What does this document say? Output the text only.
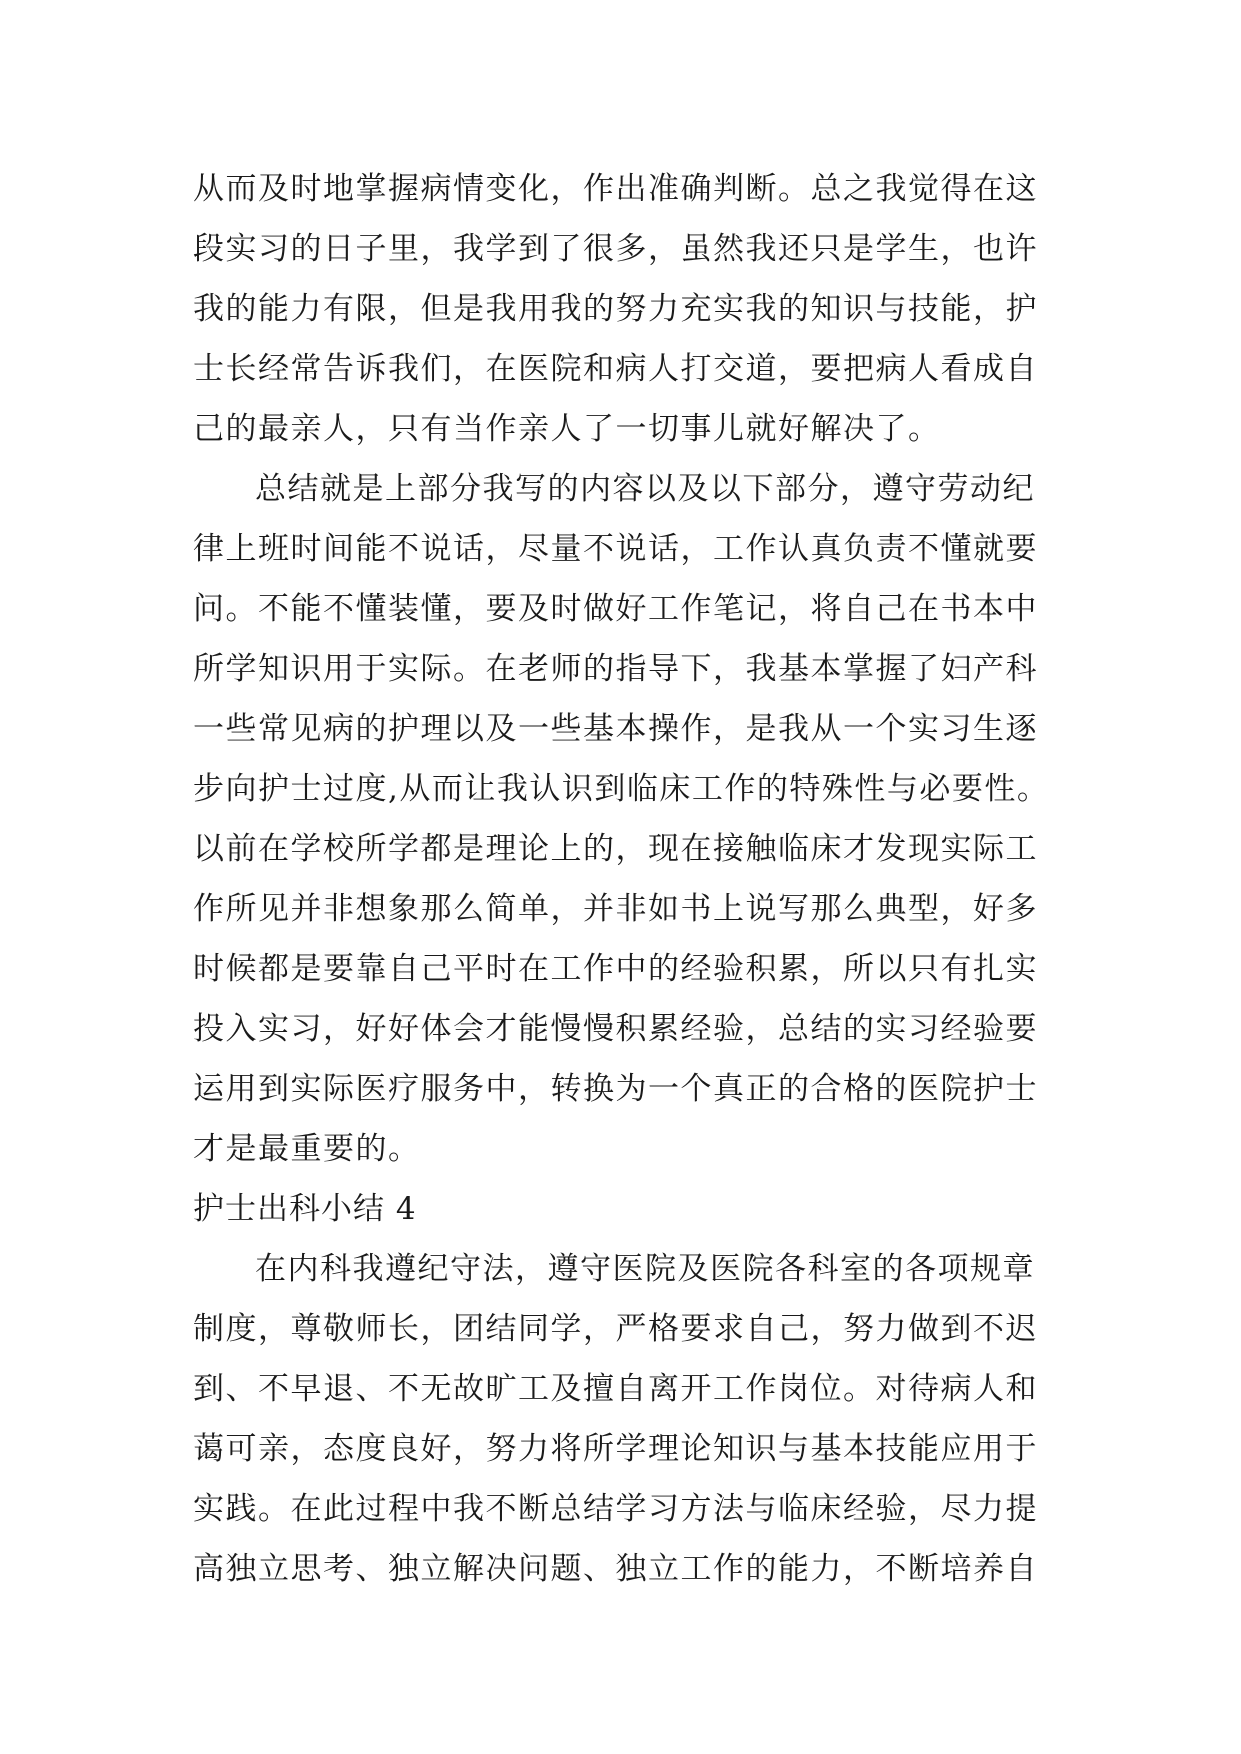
从而及时地掌握病情变化，作出准确判断。总之我觉得在这
段实习的日子里，我学到了很多，虽然我还只是学生，也许
我的能力有限，但是我用我的努力充实我的知识与技能，护
士长经常告诉我们，在医院和病人打交道，要把病人看成自
己的最亲人，只有当作亲人了一切事儿就好解决了。
总结就是上部分我写的内容以及以下部分，遵守劳动纪
律上班时间能不说话，尽量不说话，工作认真负责不懂就要
问。不能不懂装懂，要及时做好工作笔记，将自己在书本中
所学知识用于实际。在老师的指导下，我基本掌握了妇产科
一些常见病的护理以及一些基本操作，是我从一个实习生逐
步向护士过度,从而让我认识到临床工作的特殊性与必要性。
以前在学校所学都是理论上的，现在接触临床才发现实际工
作所见并非想象那么简单，并非如书上说写那么典型，好多
时候都是要靠自己平时在工作中的经验积累，所以只有扎实
投入实习，好好体会才能慢慢积累经验，总结的实习经验要
运用到实际医疗服务中，转换为一个真正的合格的医院护士
才是最重要的。
护士出科小结 4
在内科我遵纪守法，遵守医院及医院各科室的各项规章
制度，尊敬师长，团结同学，严格要求自己，努力做到不迟
到、不早退、不无故旷工及擅自离开工作岗位。对待病人和
蔼可亲，态度良好，努力将所学理论知识与基本技能应用于
实践。在此过程中我不断总结学习方法与临床经验，尽力提
高独立思考、独立解决问题、独立工作的能力，不断培养自
